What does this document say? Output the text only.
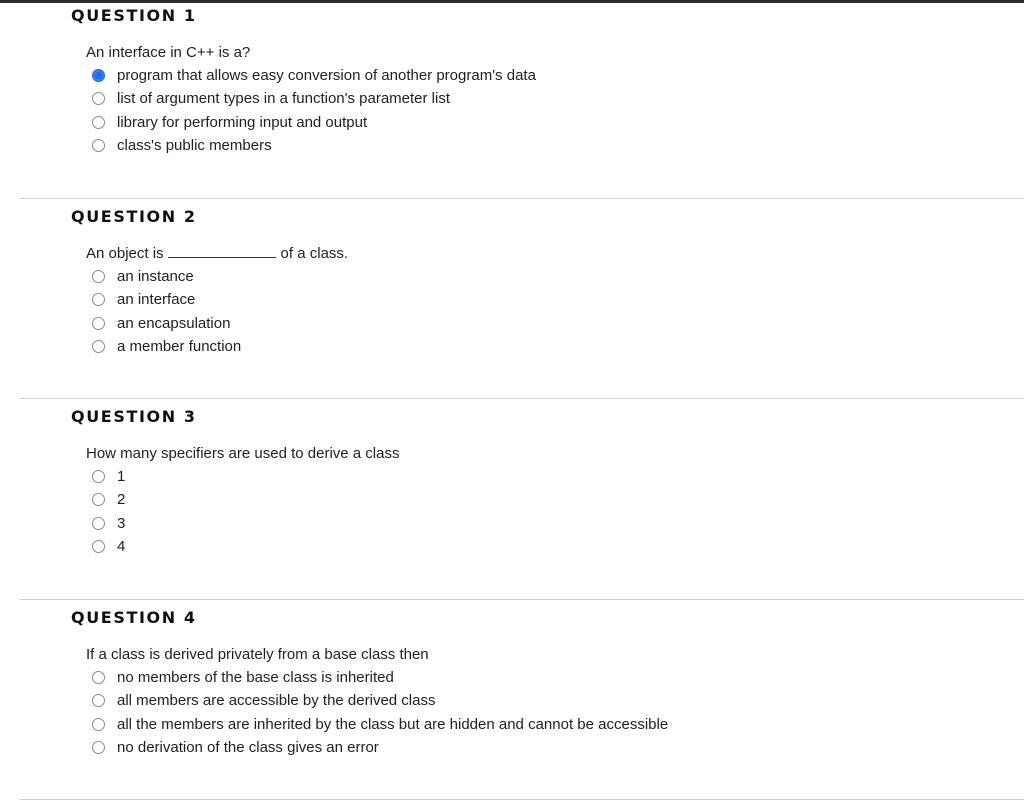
QUESTION 1
An interface in C++ is a?
program that allows easy conversion of another program's data
list of argument types in a function's parameter list
library for performing input and output
class's public members
QUESTION 2
An object is	of a class.
an instance
an interface
an encapsulation
a member function
QUESTION 3
How many specifiers are used to derive a class
1
2
3
4
QUESTION 4
If a class is derived privately from a base class then
no members of the base class is inherited
all members are accessible by the derived class
all the members are inherited by the class but are hidden and cannot be accessible
no derivation of the class gives an error
